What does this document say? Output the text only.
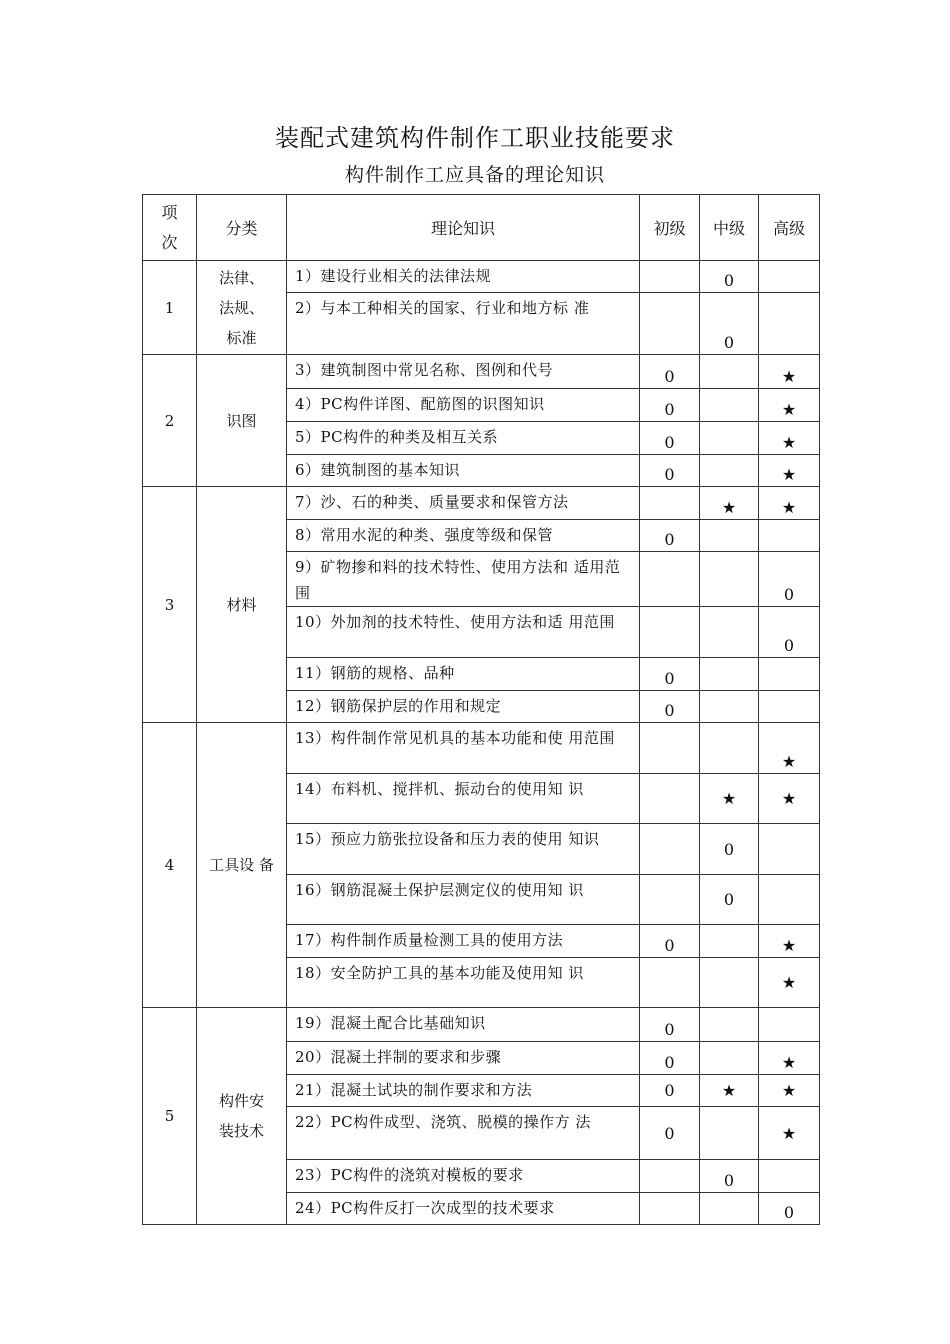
装配式建筑构件制作工职业技能要求
构件制作工应具备的理论知识
项
次	分类	理论知识	初级	中级	高级
1	法律、
法规、
标准	1）建设行业相关的法律法规		0	
		2）与本工种相关的国家、行业和地方标 准		0	
2	识图	3）建筑制图中常见名称、图例和代号	0		★
		4）PC构件详图、配筋图的识图知识	0		★
		5）PC构件的种类及相互关系	0		★
		6）建筑制图的基本知识	0		★
3	材料	7）沙、石的种类、质量要求和保管方法		★	★
		8）常用水泥的种类、强度等级和保管	0		
		9）矿物掺和料的技术特性、使用方法和 适用范围			0
		10）外加剂的技术特性、使用方法和适 用范围			0
		11）钢筋的规格、品种	0		
		12）钢筋保护层的作用和规定	0		
4	工具设 备	13）构件制作常见机具的基本功能和使 用范围			★
		14）布料机、搅拌机、振动台的使用知 识		★	★
		15）预应力筋张拉设备和压力表的使用 知识		0	
		16）钢筋混凝土保护层测定仪的使用知 识		0	
		17）构件制作质量检测工具的使用方法	0		★
		18）安全防护工具的基本功能及使用知 识			★
5	构件安
装技术	19）混凝土配合比基础知识	0		
		20）混凝土拌制的要求和步骤	0		★
		21）混凝土试块的制作要求和方法	0	★	★
		22）PC构件成型、浇筑、脱模的操作方 法	0		★
		23）PC构件的浇筑对模板的要求		0	
		24）PC构件反打一次成型的技术要求			0
